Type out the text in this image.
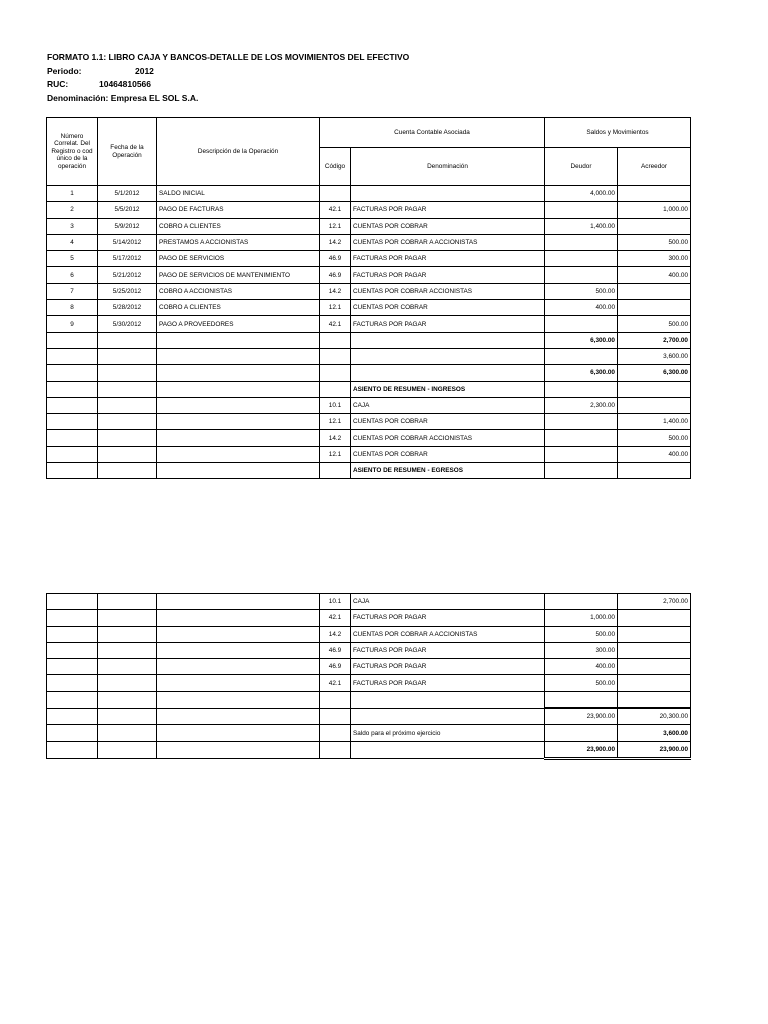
FORMATO 1.1: LIBRO CAJA Y BANCOS-DETALLE DE LOS MOVIMIENTOS DEL EFECTIVO
Periodo:	2012
RUC:	10464810566
Denominación: Empresa EL SOL S.A.
Número Correlat. Del Registro o cod único de la operación	Fecha de la Operación	Descripción de la Operación	Cuenta Contable Asociada		Saldos y Movimientos	
			Código	Denominación	Deudor	Acreedor
1	5/1/2012	SALDO INICIAL			4,000.00	
2	5/5/2012	PAGO DE FACTURAS	42.1	FACTURAS POR PAGAR		1,000.00
3	5/9/2012	COBRO A CLIENTES	12.1	CUENTAS POR COBRAR	1,400.00	
4	5/14/2012	PRESTAMOS A ACCIONISTAS	14.2	CUENTAS POR COBRAR A ACCIONISTAS		500.00
5	5/17/2012	PAGO DE SERVICIOS	46.9	FACTURAS POR PAGAR		300.00
6	5/21/2012	PAGO DE SERVICIOS DE MANTENIMIENTO	46.9	FACTURAS POR PAGAR		400.00
7	5/25/2012	COBRO A ACCIONISTAS	14.2	CUENTAS POR COBRAR ACCIONISTAS	500.00	
8	5/28/2012	COBRO A CLIENTES	12.1	CUENTAS POR COBRAR	400.00	
9	5/30/2012	PAGO A PROVEEDORES	42.1	FACTURAS POR PAGAR		500.00
					6,300.00	2,700.00
						3,600.00
					6,300.00	6,300.00
				ASIENTO DE RESUMEN - INGRESOS		
			10.1	CAJA	2,300.00	
			12.1	CUENTAS POR COBRAR		1,400.00
			14.2	CUENTAS POR COBRAR ACCIONISTAS		500.00
			12.1	CUENTAS POR COBRAR		400.00
				ASIENTO DE RESUMEN - EGRESOS		
			10.1	CAJA		2,700.00
			42.1	FACTURAS POR PAGAR	1,000.00	
			14.2	CUENTAS POR COBRAR A ACCIONISTAS	500.00	
			46.9	FACTURAS POR PAGAR	300.00	
			46.9	FACTURAS POR PAGAR	400.00	
			42.1	FACTURAS POR PAGAR	500.00	

					23,900.00	20,300.00
				Saldo para el próximo ejercicio		3,600.00
					23,900.00	23,900.00
